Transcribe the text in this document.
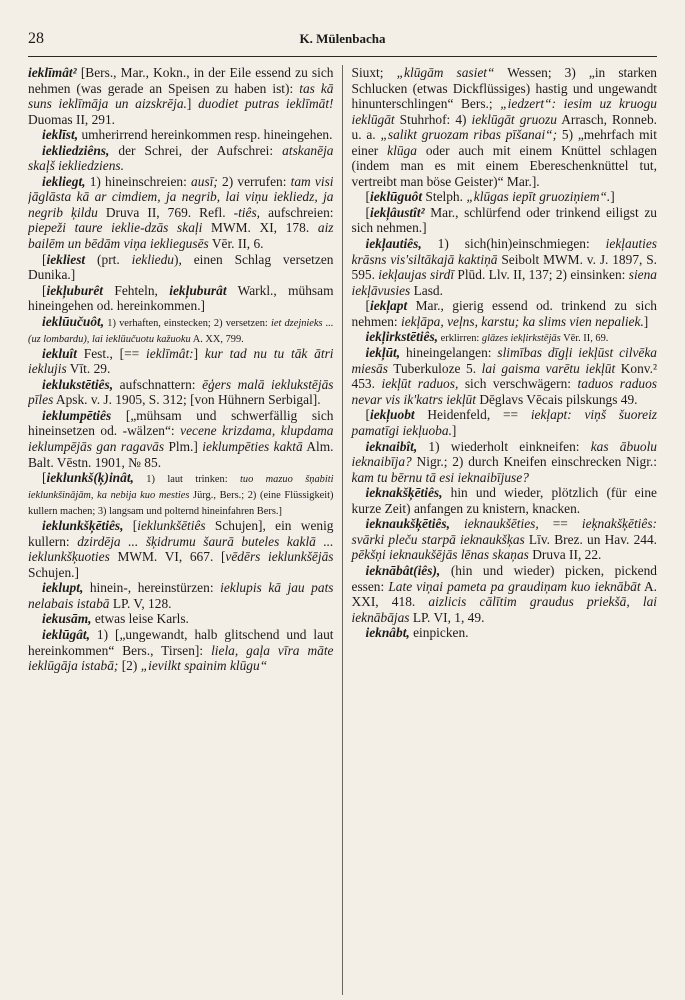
28	K. Mülenbacha

ieklīmât² [Bers., Mar., Kokn., in der Eile essend zu sich nehmen (was gerade an Speisen zu haben ist): tas kā suns ieklīmāja un aizskrēja.] duodiet putras ieklīmāt! Duomas II, 291.

ieklīst, umherirrend hereinkommen resp. hineingehen.

iekliedziêns, der Schrei, der Aufschrei: atskanēja skaļš iekliedziens.

iekliegt, 1) hineinschreien: ausī; 2) verrufen: tam visi jāglāsta kā ar cimdiem, ja negrib, lai viņu iekliedz, ja negrib ķildu Druva II, 769. Refl. -tiês, aufschreien: piepeži taure ieklie-dzās skaļi MWM. XI, 178. aiz bailēm un bēdām viņa iekliegusēs Vēr. II, 6.

[iekliest (prt. iekliedu), einen Schlag versetzen Dunika.]

[iekļuburêt Fehteln, iekļuburât Warkl., mühsam hineingehen od. hereinkommen.]

ieklūučuôt, 1) verhaften, einstecken; 2) versetzen: iet dzejnieks ... (uz lombardu), lai ieklūučuotu kažuoku A. XX, 799.

iekluît Fest., [== ieklīmât:] kur tad nu tu tāk ātri ieklujis Vīt. 29.

ieklukstētiês, aufschnattern: ēģers malā ieklukstējās pīles Apsk. v. J. 1905, S. 312; [von Hühnern Serbigal].

ieklumpētiês [„mühsam und schwerfällig sich hineinsetzen od. -wälzen“: vecene krizdama, klupdama ieklumpējās gan ragavās Plm.] ieklumpēties kaktā Alm. Balt. Vēstn. 1901, № 85.

[ieklunkš(ķ)inât, 1) laut trinken: tuo mazuo šņabiti ieklunkšinājām, ka nebija kuo mesties Jürg., Bers.; 2) (eine Flüssigkeit) kullern machen; 3) langsam und polternd hineinfahren Bers.]

ieklunkšķētiês, [ieklunkšētiês Schujen], ein wenig kullern: dzirdēja ... šķidrumu šaurā buteles kaklā ... ieklunkšķuoties MWM. VI, 667. [vēdērs ieklunkšējās Schujen.]

ieklupt, hinein-, hereinstürzen: ieklupis kā jau pats nelabais istabā LP. V, 128.

iekusām, etwas leise Karls.

ieklūgât, 1) [„ungewandt, halb glitschend und laut hereinkommen“ Bers., Tirsen]: liela, gaļa vīra māte ieklūgāja istabā; [2) „ievilkt spainim klūgu“

Siuxt; „klūgām sasiet“ Wessen; 3) „in starken Schlucken (etwas Dickflüssiges) hastig und ungewandt hinunterschlingen“ Bers.; „iedzert“: iesim uz kruogu ieklūgāt Stuhrhof: 4) ieklūgāt gruozu Arrasch, Ronneb. u. a. „salikt gruozam ribas pīšanai“; 5) „mehrfach mit einer klūga oder auch mit einem Knüttel schlagen (indem man es mit einem Ebereschenknüttel tut, vertreibt man böse Geister)“ Mar.].

[ieklūguôt Stelph. „klūgas iepīt gruoziņiem“.]

[iekļâustît² Mar., schlürfend oder trinkend eiligst zu sich nehmen.]

iekļautiês, 1) sich(hin)einschmiegen: iekļauties krāsns vis'siltākajā kaktiņā Seibolt MWM. v. J. 1897, S. 595. iekļaujas sirdī Plūd. Llv. II, 137; 2) einsinken: siena iekļāvusies Lasd.

[iekļapt Mar., gierig essend od. trinkend zu sich nehmen: iekļāpa, veļns, karstu; ka slims vien nepaliek.]

iekļirkstētiês, erklirren: glāzes iekļirkstējās Vēr. II, 69.

iekļūt, hineingelangen: slimības dīgļi iekļūst cilvēka miesās Tuberkuloze 5. lai gaisma varētu iekļūt Konv.² 453. iekļūt raduos, sich verschwägern: taduos raduos nevar vis ik'katrs iekļūt Dēglavs Vēcais pilskungs 49.

[iekļuobt Heidenfeld, == iekļapt: viņš šuoreiz pamatīgi iekļuoba.]

ieknaibît, 1) wiederholt einkneifen: kas ābuolu ieknaibīja? Nigr.; 2) durch Kneifen einschrecken Nigr.: kam tu bērnu tā esi ieknaibījuse?

ieknakšķētiês, hin und wieder, plötzlich (für eine kurze Zeit) anfangen zu knistern, knacken.

ieknaukšķētiês, ieknaukšēties, == ieķnakšķētiês: svārki pleču starpā ieknaukšķas Līv. Brez. un Hav. 244. pēkšņi ieknaukšējās lēnas skaņas Druva II, 22.

ieknābât(iês), (hin und wieder) picken, pickend essen: Late viņai pameta pa graudiņam kuo ieknābāt A. XXI, 418. aizlicis cālītim graudus priekšā, lai ieknābājas LP. VI, 1, 49.

ieknâbt, einpicken.
